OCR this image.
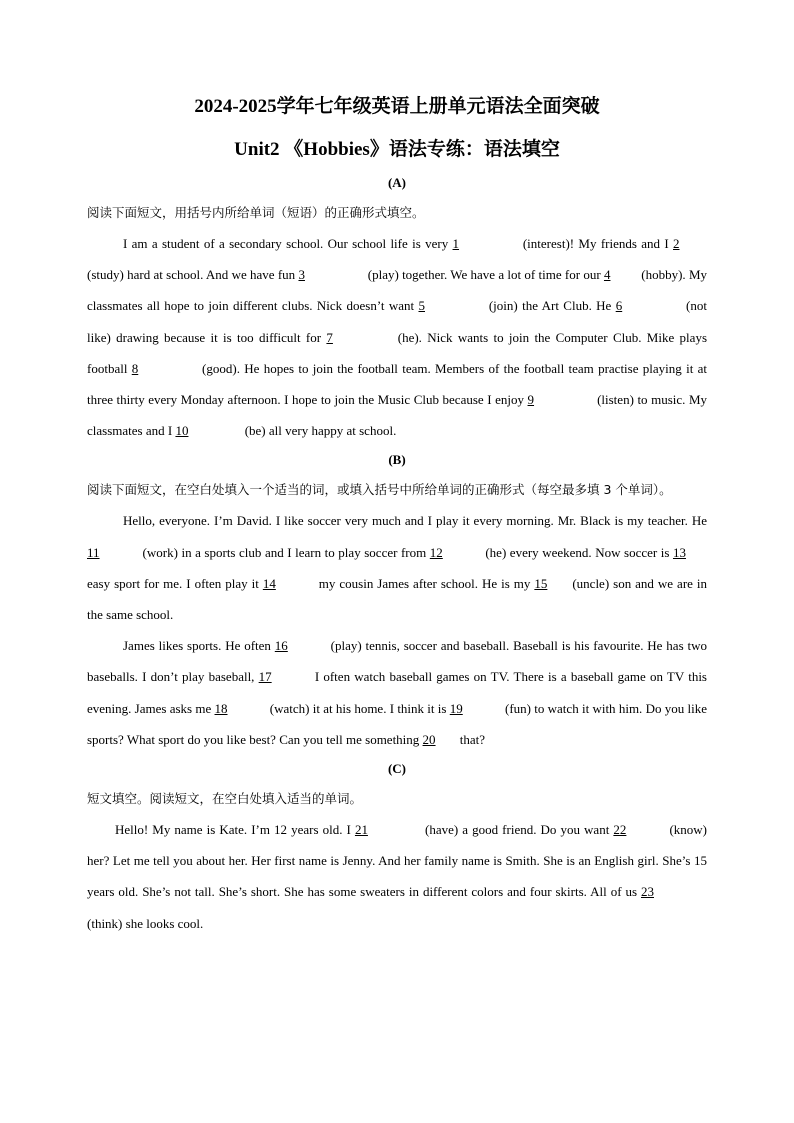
2024-2025学年七年级英语上册单元语法全面突破
Unit2 《Hobbies》语法专练：语法填空
(A)
阅读下面短文，用括号内所给单词（短语）的正确形式填空。
I am a student of a secondary school. Our school life is very 1	(interest)! My friends and I 2 (study) hard at school. And we have fun 3	(play) together. We have a lot of time for our 4 (hobby). My classmates all hope to join different clubs. Nick doesn’t want 5	(join) the Art Club. He 6	(not like) drawing because it is too difficult for 7	(he). Nick wants to join the Computer Club. Mike plays football 8	(good). He hopes to join the football team. Members of the football team practise playing it at three thirty every Monday afternoon. I hope to join the Music Club because I enjoy 9	(listen) to music. My classmates and I 10	(be) all very happy at school.
(B)
阅读下面短文，在空白处填入一个适当的词，或填入括号中所给单词的正确形式（每空最多填 3 个单词）。
Hello, everyone. I’m David. I like soccer very much and I play it every morning. Mr. Black is my teacher. He 11	(work) in a sports club and I learn to play soccer from 12	(he) every weekend. Now soccer is 13 easy sport for me. I often play it 14	my cousin James after school. He is my 15 (uncle) son and we are in the same school.
James likes sports. He often 16	(play) tennis, soccer and baseball. Baseball is his favourite. He has two baseballs. I don’t play baseball, 17	I often watch baseball games on TV. There is a baseball game on TV this evening. James asks me 18	(watch) it at his home. I think it is 19	(fun) to watch it with him. Do you like sports? What sport do you like best? Can you tell me something 20 that?
(C)
短文填空。阅读短文，在空白处填入适当的单词。
Hello! My name is Kate. I’m 12 years old. I 21	(have) a good friend. Do you want 22	(know) her? Let me tell you about her. Her first name is Jenny. And her family name is Smith. She is an English girl. She’s 15 years old. She’s not tall. She’s short. She has some sweaters in different colors and four skirts. All of us 23 (think) she looks cool.
